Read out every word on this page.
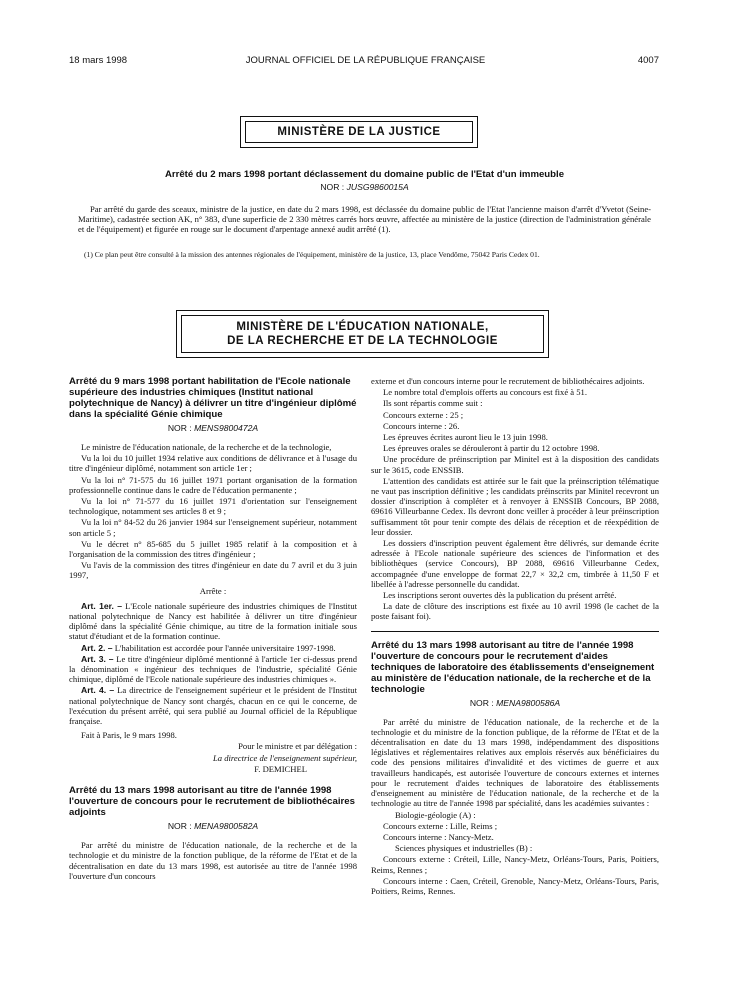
18 mars 1998	JOURNAL OFFICIEL DE LA RÉPUBLIQUE FRANÇAISE	4007
MINISTÈRE DE LA JUSTICE
Arrêté du 2 mars 1998 portant déclassement du domaine public de l'Etat d'un immeuble
NOR : JUSG9860015A

Par arrêté du garde des sceaux, ministre de la justice, en date du 2 mars 1998, est déclassée du domaine public de l'Etat l'ancienne maison d'arrêt d'Yvetot (Seine-Maritime), cadastrée section AK, n° 383, d'une superficie de 2 330 mètres carrés hors œuvre, affectée au ministère de la justice (direction de l'administration générale et de l'équipement) et figurée en rouge sur le document d'arpentage annexé audit arrêté (1).

(1) Ce plan peut être consulté à la mission des antennes régionales de l'équipement, ministère de la justice, 13, place Vendôme, 75042 Paris Cedex 01.

MINISTÈRE DE L'ÉDUCATION NATIONALE,
DE LA RECHERCHE ET DE LA TECHNOLOGIE
Arrêté du 9 mars 1998 portant habilitation de l'Ecole nationale supérieure des industries chimiques (Institut national polytechnique de Nancy) à délivrer un titre d'ingénieur diplômé dans la spécialité Génie chimique
NOR : MENS9800472A

Le ministre de l'éducation nationale, de la recherche et de la technologie,

Vu la loi du 10 juillet 1934 relative aux conditions de délivrance et à l'usage du titre d'ingénieur diplômé, notamment son article 1er ;

Vu la loi n° 71-575 du 16 juillet 1971 portant organisation de la formation professionnelle continue dans le cadre de l'éducation permanente ;

Vu la loi n° 71-577 du 16 juillet 1971 d'orientation sur l'enseignement technologique, notamment ses articles 8 et 9 ;

Vu la loi n° 84-52 du 26 janvier 1984 sur l'enseignement supérieur, notamment son article 5 ;

Vu le décret n° 85-685 du 5 juillet 1985 relatif à la composition et à l'organisation de la commission des titres d'ingénieur ;

Vu l'avis de la commission des titres d'ingénieur en date du 7 avril et du 3 juin 1997,

Arrête :

Art. 1er. – L'Ecole nationale supérieure des industries chimiques de l'Institut national polytechnique de Nancy est habilitée à délivrer un titre d'ingénieur diplômé dans la spécialité Génie chimique, au titre de la formation initiale sous statut d'étudiant et de la formation continue.

Art. 2. – L'habilitation est accordée pour l'année universitaire 1997-1998.

Art. 3. – Le titre d'ingénieur diplômé mentionné à l'article 1er ci-dessus prend la dénomination « ingénieur des techniques de l'industrie, spécialité Génie chimique, diplômé de l'Ecole nationale supérieure des industries chimiques ».

Art. 4. – La directrice de l'enseignement supérieur et le président de l'Institut national polytechnique de Nancy sont chargés, chacun en ce qui le concerne, de l'exécution du présent arrêté, qui sera publié au Journal officiel de la République française.

Fait à Paris, le 9 mars 1998.

Pour le ministre et par délégation :

La directrice de l'enseignement supérieur,

F. DEMICHEL

Arrêté du 13 mars 1998 autorisant au titre de l'année 1998 l'ouverture de concours pour le recrutement de bibliothécaires adjoints
NOR : MENA9800582A

Par arrêté du ministre de l'éducation nationale, de la recherche et de la technologie et du ministre de la fonction publique, de la réforme de l'Etat et de la décentralisation en date du 13 mars 1998, est autorisée au titre de l'année 1998 l'ouverture d'un concours

externe et d'un concours interne pour le recrutement de bibliothécaires adjoints.

Le nombre total d'emplois offerts au concours est fixé à 51.

Ils sont répartis comme suit :

Concours externe : 25 ;

Concours interne : 26.

Les épreuves écrites auront lieu le 13 juin 1998.

Les épreuves orales se dérouleront à partir du 12 octobre 1998.

Une procédure de préinscription par Minitel est à la disposition des candidats sur le 3615, code ENSSIB.

L'attention des candidats est attirée sur le fait que la préinscription télématique ne vaut pas inscription définitive ; les candidats préinscrits par Minitel recevront un dossier d'inscription à compléter et à renvoyer à ENSSIB Concours, BP 2088, 69616 Villeurbanne Cedex. Ils devront donc veiller à procéder à leur préinscription suffisamment tôt pour tenir compte des délais de réception et de réexpédition de leur dossier.

Les dossiers d'inscription peuvent également être délivrés, sur demande écrite adressée à l'Ecole nationale supérieure des sciences de l'information et des bibliothèques (service Concours), BP 2088, 69616 Villeurbanne Cedex, accompagnée d'une enveloppe de format 22,7 × 32,2 cm, timbrée à 11,50 F et libellée à l'adresse personnelle du candidat.

Les inscriptions seront ouvertes dès la publication du présent arrêté.

La date de clôture des inscriptions est fixée au 10 avril 1998 (le cachet de la poste faisant foi).

Arrêté du 13 mars 1998 autorisant au titre de l'année 1998 l'ouverture de concours pour le recrutement d'aides techniques de laboratoire des établissements d'enseignement au ministère de l'éducation nationale, de la recherche et de la technologie
NOR : MENA9800586A

Par arrêté du ministre de l'éducation nationale, de la recherche et de la technologie et du ministre de la fonction publique, de la réforme de l'Etat et de la décentralisation en date du 13 mars 1998, indépendamment des dispositions législatives et réglementaires relatives aux emplois réservés aux bénéficiaires du code des pensions militaires d'invalidité et des victimes de guerre et aux travailleurs handicapés, est autorisée l'ouverture de concours externes et internes pour le recrutement d'aides techniques de laboratoire des établissements d'enseignement au ministère de l'éducation nationale, de la recherche et de la technologie au titre de l'année 1998 par spécialité, dans les académies suivantes :

Biologie-géologie (A) :

Concours externe : Lille, Reims ;

Concours interne : Nancy-Metz.

Sciences physiques et industrielles (B) :

Concours externe : Créteil, Lille, Nancy-Metz, Orléans-Tours, Paris, Poitiers, Reims, Rennes ;

Concours interne : Caen, Créteil, Grenoble, Nancy-Metz, Orléans-Tours, Paris, Poitiers, Reims, Rennes.
